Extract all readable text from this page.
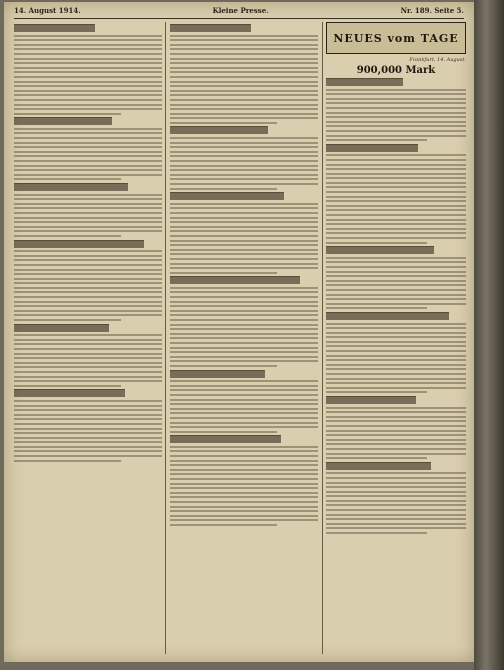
14. August 1914.	Kleine Presse.	Nr. 189. Seite 5.
NEUES vom TAGE
Frankfurt, 14. August.
900,000 Mark
